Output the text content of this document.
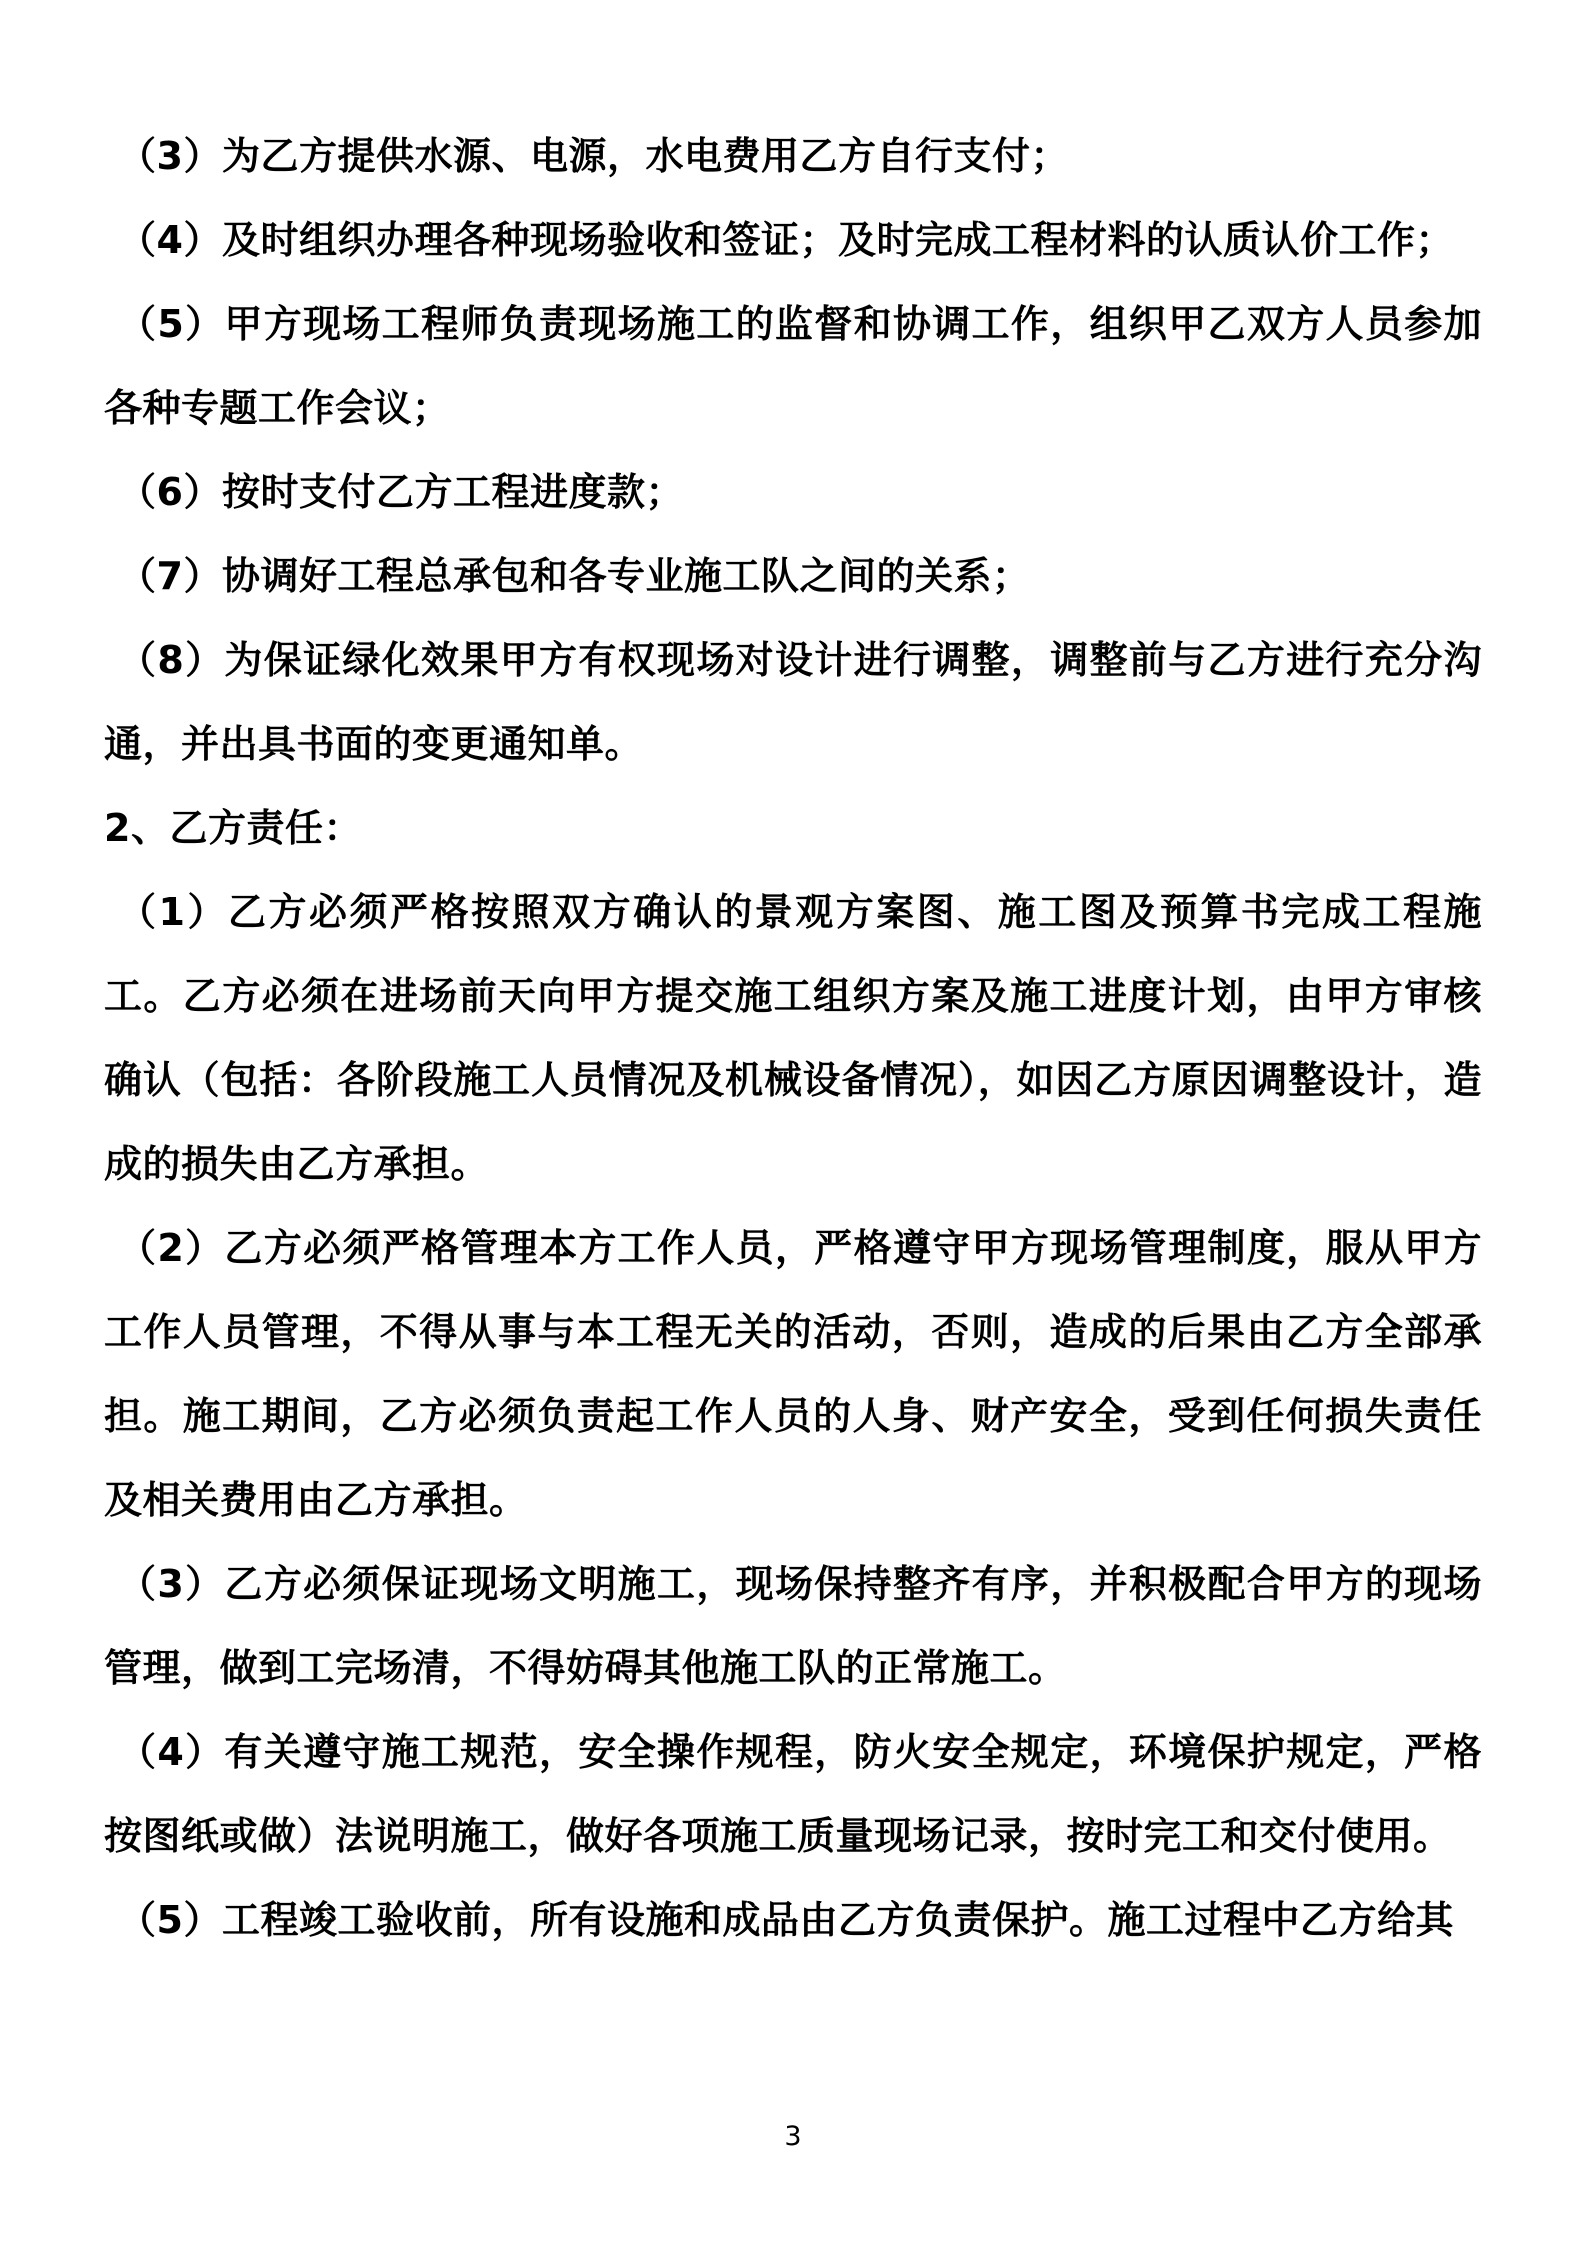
（3）为乙方提供水源、电源，水电费用乙方自行支付；

（4）及时组织办理各种现场验收和签证；及时完成工程材料的认质认价工作；

（5）甲方现场工程师负责现场施工的监督和协调工作，组织甲乙双方人员参加各种专题工作会议；

（6）按时支付乙方工程进度款；

（7）协调好工程总承包和各专业施工队之间的关系；

（8）为保证绿化效果甲方有权现场对设计进行调整，调整前与乙方进行充分沟通，并出具书面的变更通知单。

2、乙方责任：

（1）乙方必须严格按照双方确认的景观方案图、施工图及预算书完成工程施工。乙方必须在进场前天向甲方提交施工组织方案及施工进度计划，由甲方审核确认（包括：各阶段施工人员情况及机械设备情况），如因乙方原因调整设计，造成的损失由乙方承担。

（2）乙方必须严格管理本方工作人员，严格遵守甲方现场管理制度，服从甲方工作人员管理，不得从事与本工程无关的活动，否则，造成的后果由乙方全部承担。施工期间，乙方必须负责起工作人员的人身、财产安全，受到任何损失责任及相关费用由乙方承担。

（3）乙方必须保证现场文明施工，现场保持整齐有序，并积极配合甲方的现场管理，做到工完场清，不得妨碍其他施工队的正常施工。

（4）有关遵守施工规范，安全操作规程，防火安全规定，环境保护规定，严格按图纸或做）法说明施工，做好各项施工质量现场记录，按时完工和交付使用。

（5）工程竣工验收前，所有设施和成品由乙方负责保护。施工过程中乙方给其

3
